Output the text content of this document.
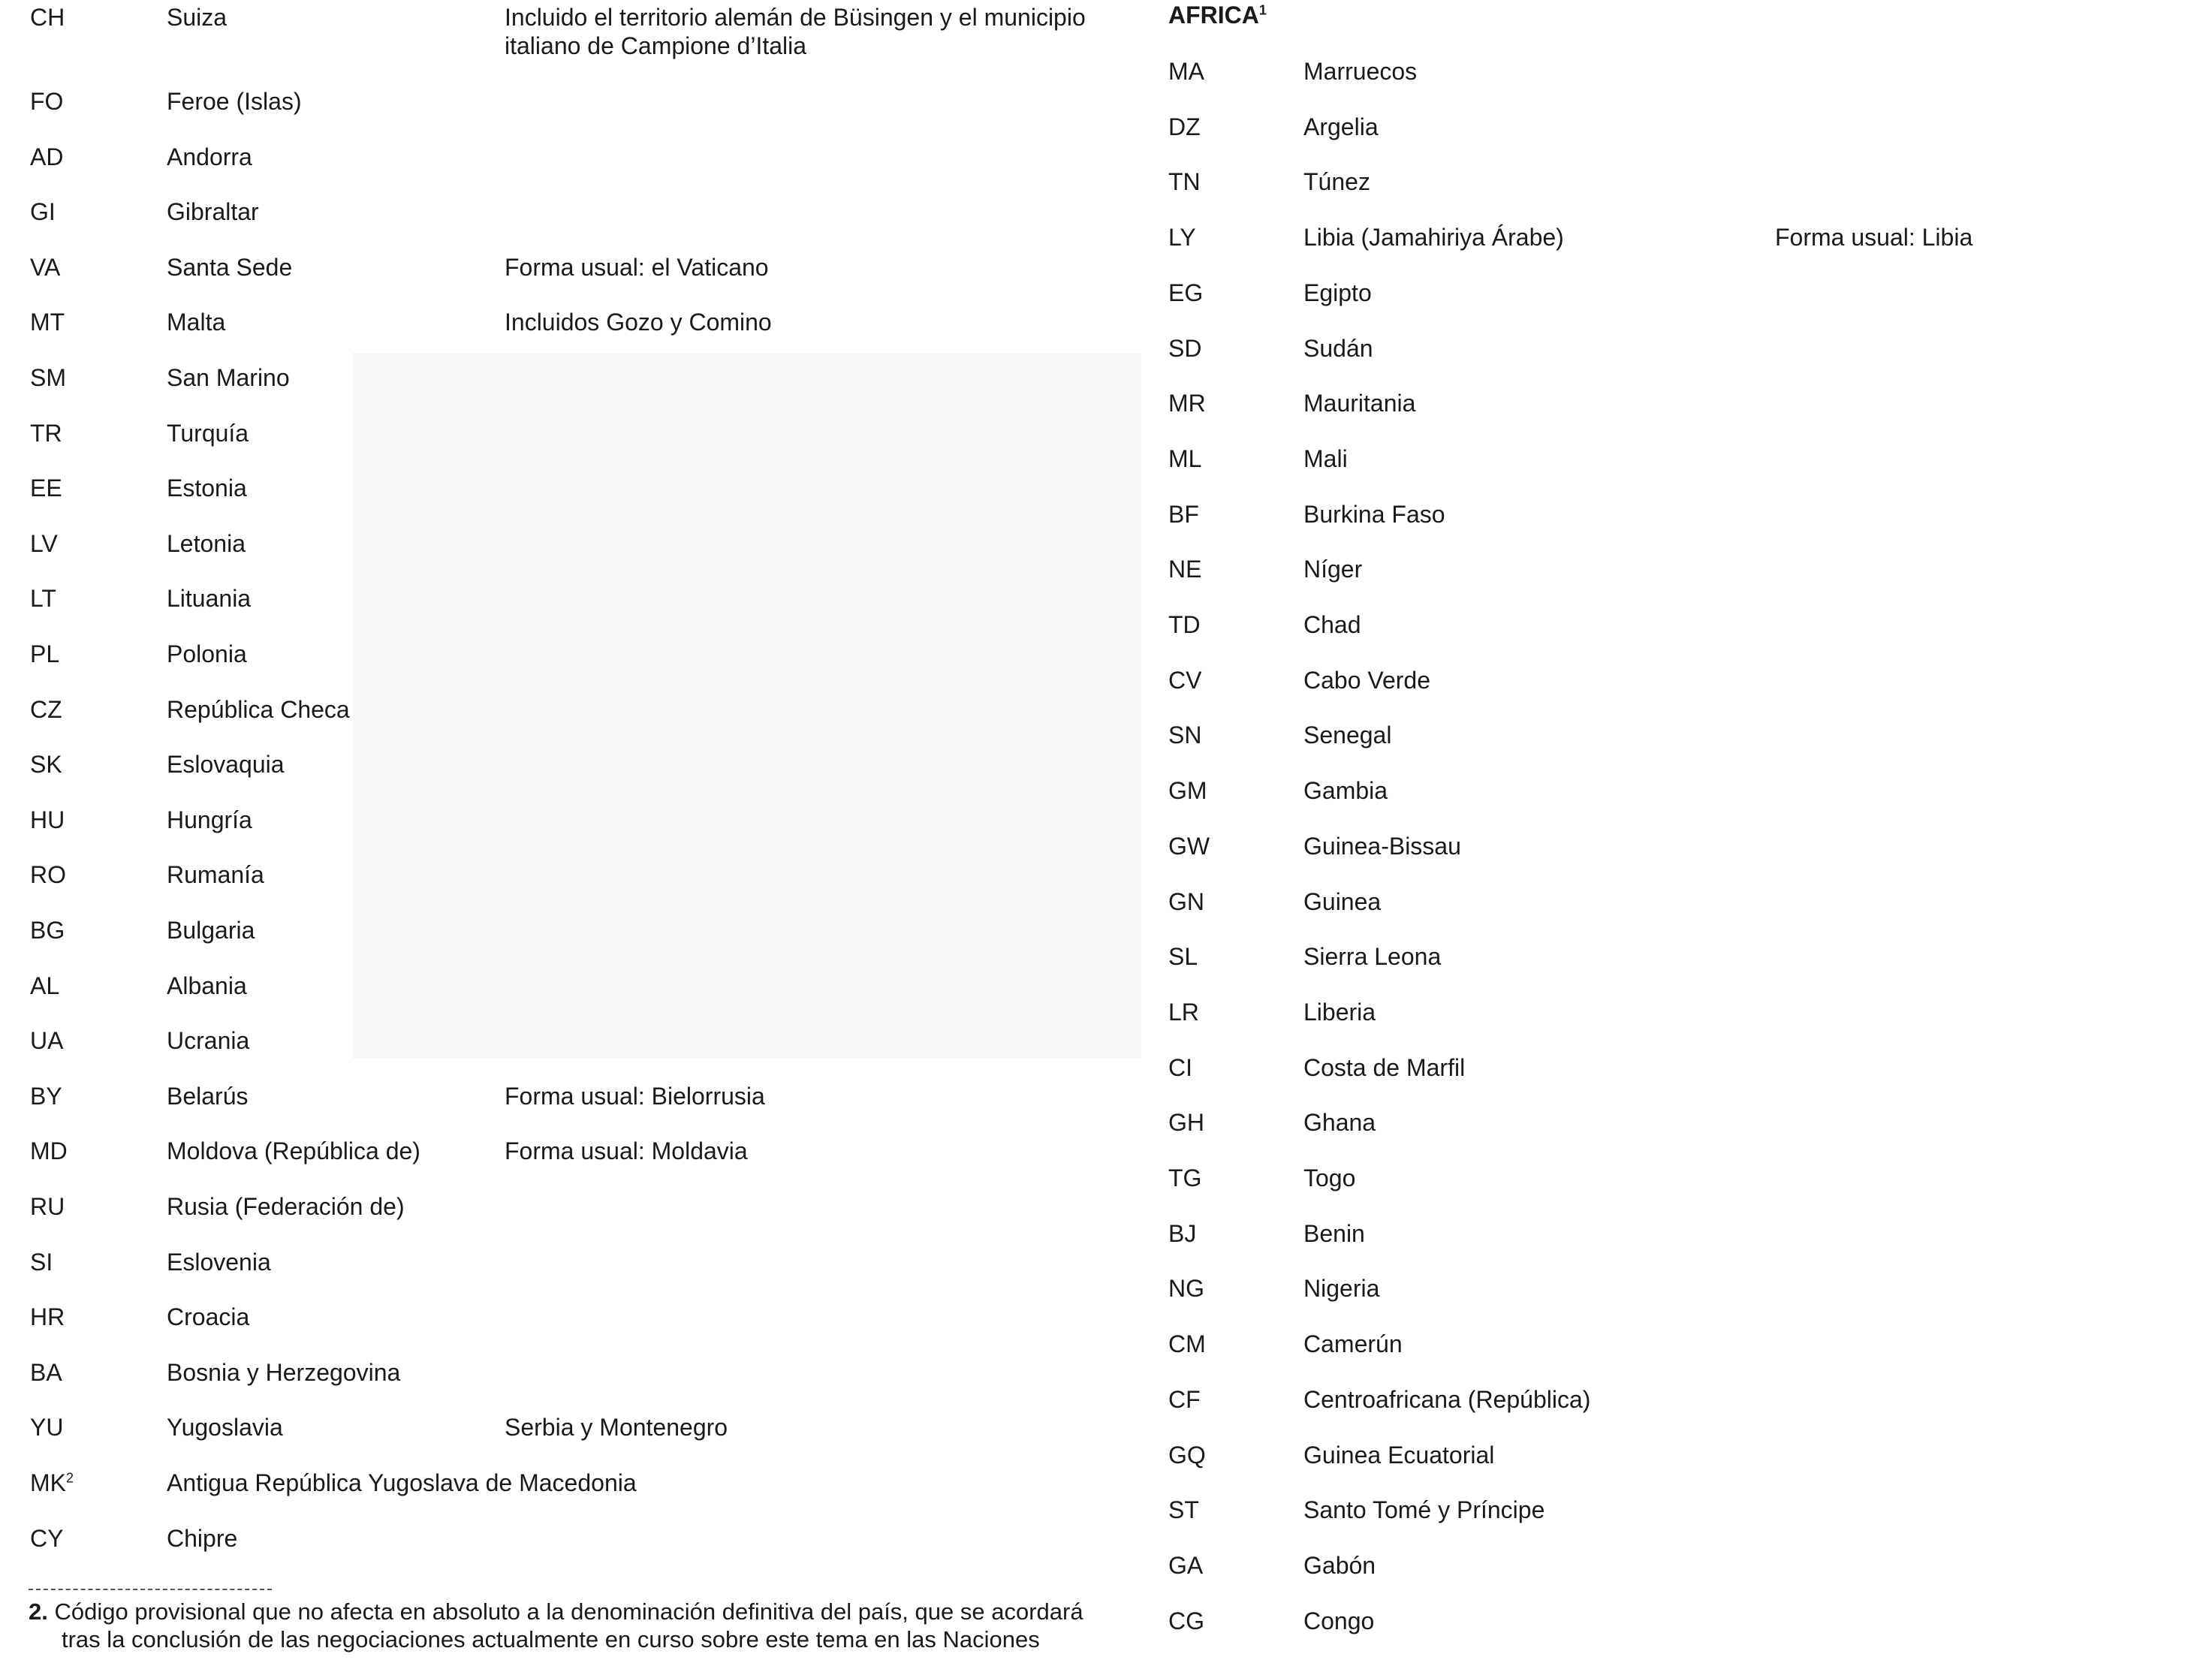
CH	Suiza	Incluido el territorio alemán de Büsingen y el municipio italiano de Campione d’Italia
FO	Feroe (Islas)
AD	Andorra
GI	Gibraltar
VA	Santa Sede	Forma usual: el Vaticano
MT	Malta	Incluidos Gozo y Comino
SM	San Marino
TR	Turquía
EE	Estonia
LV	Letonia
LT	Lituania
PL	Polonia
CZ	República Checa
SK	Eslovaquia
HU	Hungría
RO	Rumanía
BG	Bulgaria
AL	Albania
UA	Ucrania
BY	Belarús	Forma usual: Bielorrusia
MD	Moldova (República de)	Forma usual: Moldavia
RU	Rusia (Federación de)
SI	Eslovenia
HR	Croacia
BA	Bosnia y Herzegovina
YU	Yugoslavia	Serbia y Montenegro
$MK^2$	Antigua República Yugoslava de Macedonia
CY	Chipre
AFRICA$^1$
MA	Marruecos
DZ	Argelia
TN	Túnez
LY	Libia (Jamahiriya Árabe)	Forma usual: Libia
EG	Egipto
SD	Sudán
MR	Mauritania
ML	Mali
BF	Burkina Faso
NE	Níger
TD	Chad
CV	Cabo Verde
SN	Senegal
GM	Gambia
GW	Guinea-Bissau
GN	Guinea
SL	Sierra Leona
LR	Liberia
CI	Costa de Marfil
GH	Ghana
TG	Togo
BJ	Benin
NG	Nigeria
CM	Camerún
CF	Centroafricana (República)
GQ	Guinea Ecuatorial
ST	Santo Tomé y Príncipe
GA	Gabón
CG	Congo
2. Código provisional que no afecta en absoluto a la denominación definitiva del país, que se acordará
tras la conclusión de las negociaciones actualmente en curso sobre este tema en las Naciones
